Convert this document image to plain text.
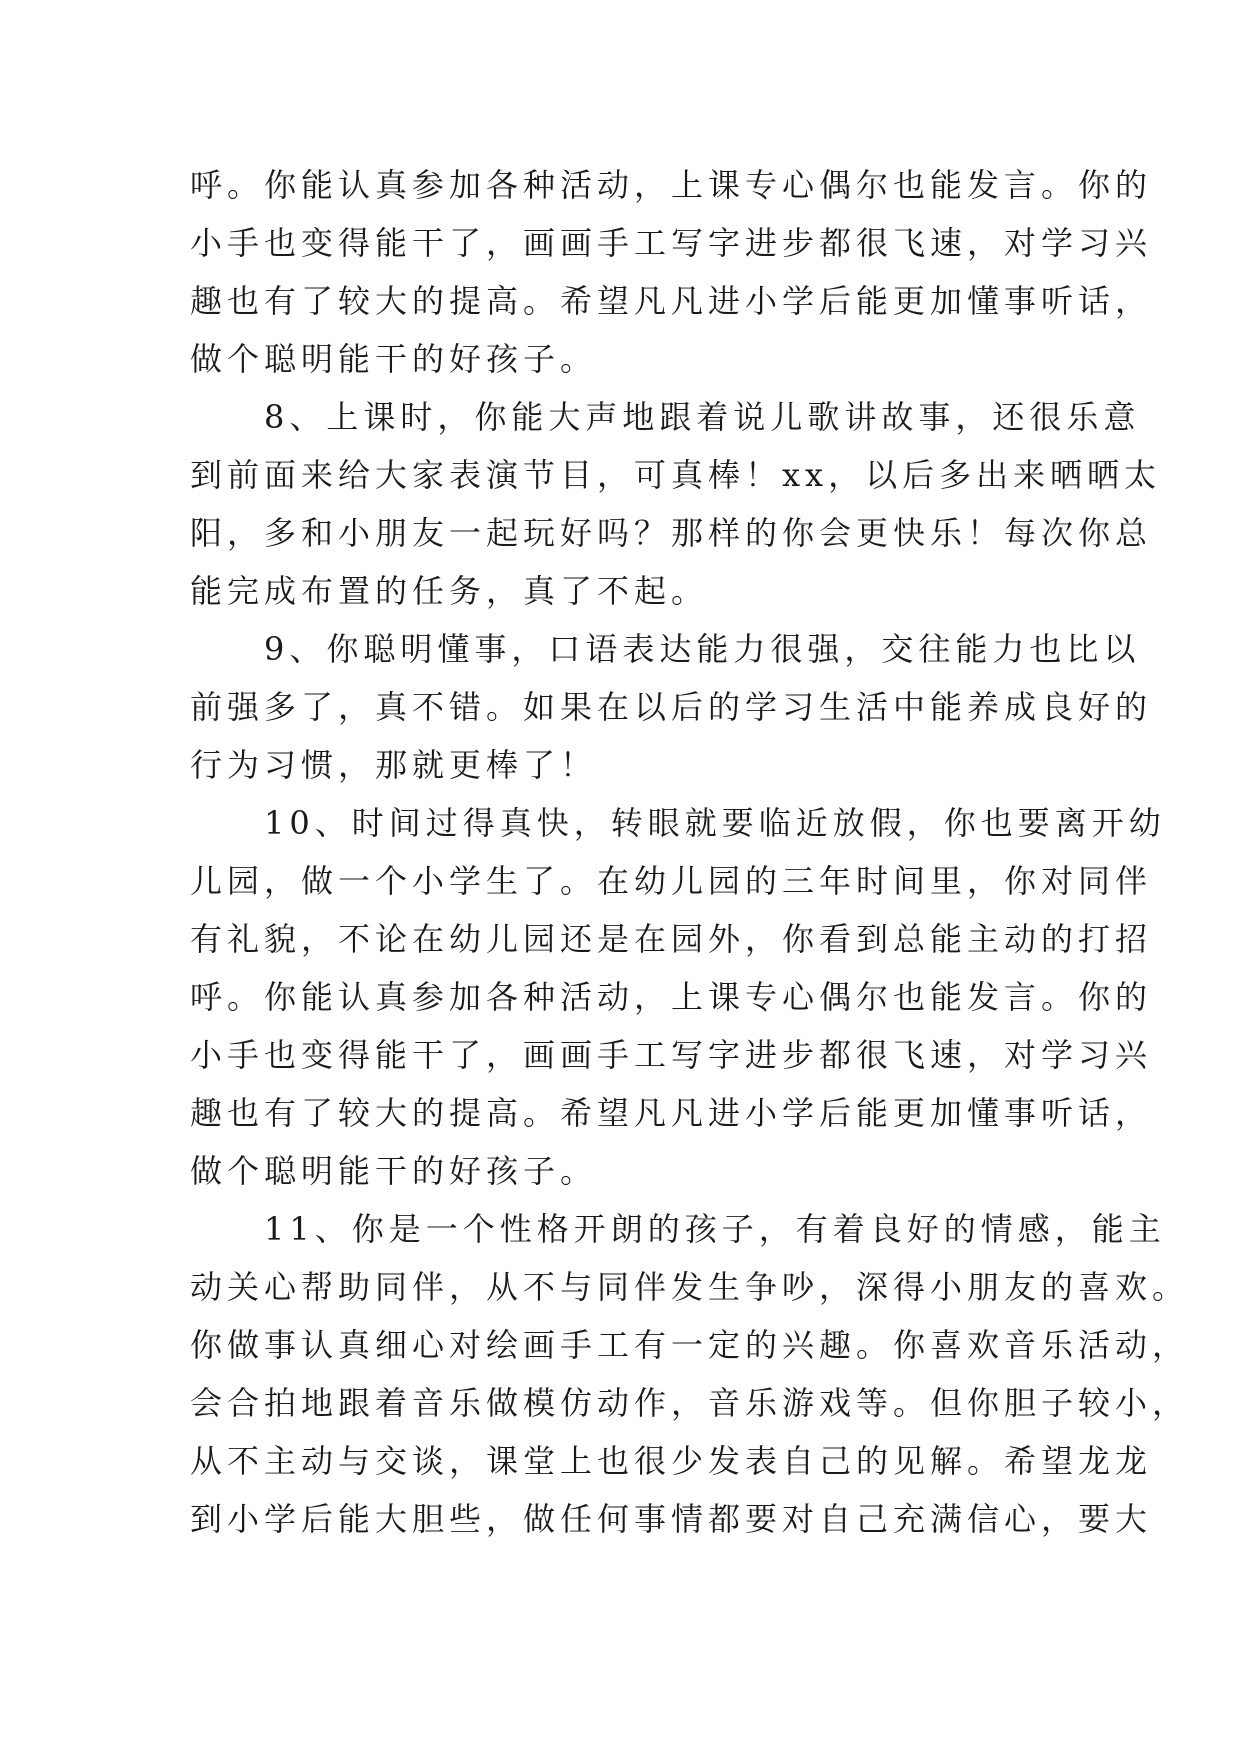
呼。你能认真参加各种活动，上课专心偶尔也能发言。你的
小手也变得能干了，画画手工写字进步都很飞速，对学习兴
趣也有了较大的提高。希望凡凡进小学后能更加懂事听话，
做个聪明能干的好孩子。
　　8、上课时，你能大声地跟着说儿歌讲故事，还很乐意
到前面来给大家表演节目，可真棒！xx，以后多出来晒晒太
阳，多和小朋友一起玩好吗？那样的你会更快乐！每次你总
能完成布置的任务，真了不起。
　　9、你聪明懂事，口语表达能力很强，交往能力也比以
前强多了，真不错。如果在以后的学习生活中能养成良好的
行为习惯，那就更棒了！
　　10、时间过得真快，转眼就要临近放假，你也要离开幼
儿园，做一个小学生了。在幼儿园的三年时间里，你对同伴
有礼貌，不论在幼儿园还是在园外，你看到总能主动的打招
呼。你能认真参加各种活动，上课专心偶尔也能发言。你的
小手也变得能干了，画画手工写字进步都很飞速，对学习兴
趣也有了较大的提高。希望凡凡进小学后能更加懂事听话，
做个聪明能干的好孩子。
　　11、你是一个性格开朗的孩子，有着良好的情感，能主
动关心帮助同伴，从不与同伴发生争吵，深得小朋友的喜欢。
你做事认真细心对绘画手工有一定的兴趣。你喜欢音乐活动，
会合拍地跟着音乐做模仿动作，音乐游戏等。但你胆子较小，
从不主动与交谈，课堂上也很少发表自己的见解。希望龙龙
到小学后能大胆些，做任何事情都要对自己充满信心，要大
